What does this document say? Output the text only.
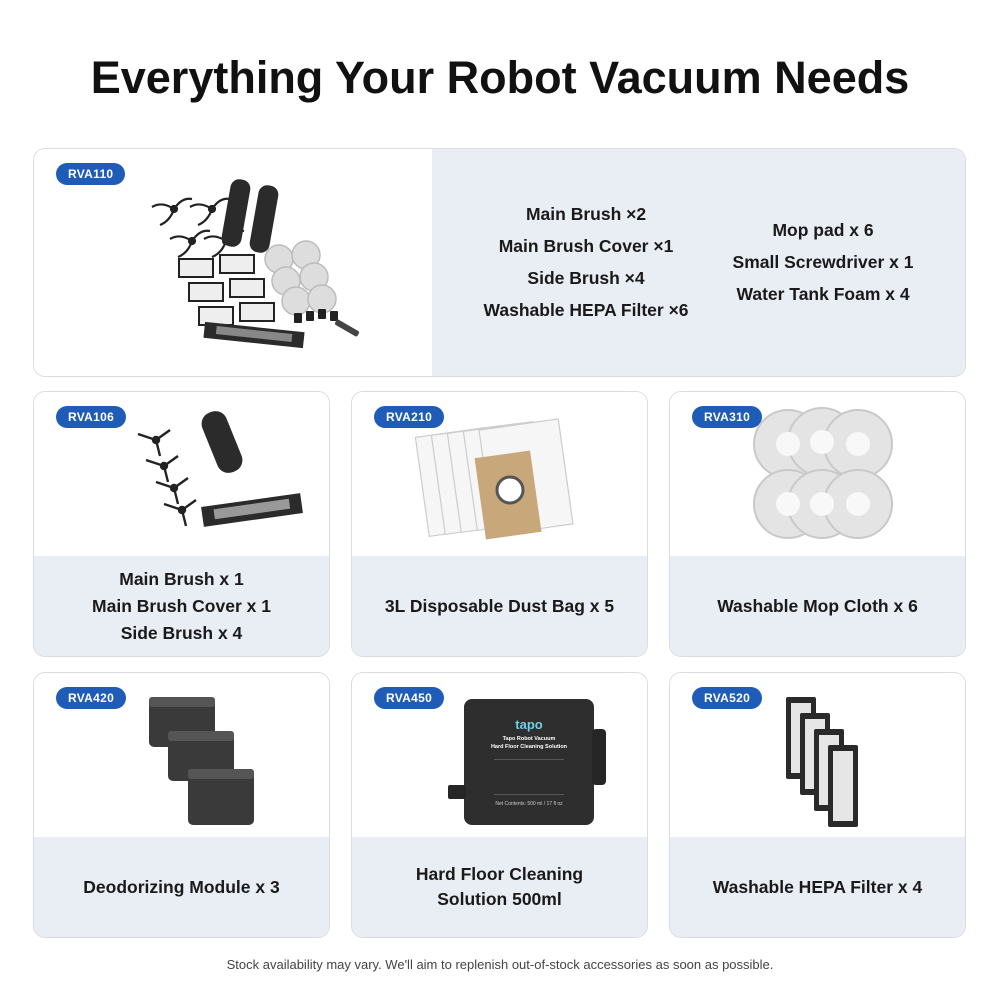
Everything Your Robot Vacuum Needs
RVA110
Main Brush ×2
Main Brush Cover ×1
Side Brush ×4
Washable HEPA Filter ×6
Mop pad x 6
Small Screwdriver x 1
Water Tank Foam x 4
RVA106
Main Brush x 1
Main Brush Cover x 1
Side Brush x 4
RVA210
3L Disposable Dust Bag x 5
RVA310
Washable Mop Cloth x 6
RVA420
Deodorizing Module x 3
RVA450
tapo
Tapo Robot Vacuum
Hard Floor Cleaning Solution
Net Contents: 500 ml / 17 fl oz
Hard Floor Cleaning
Solution 500ml
RVA520
Washable HEPA Filter x 4
Stock availability may vary. We'll aim to replenish out-of-stock accessories as soon as possible.
